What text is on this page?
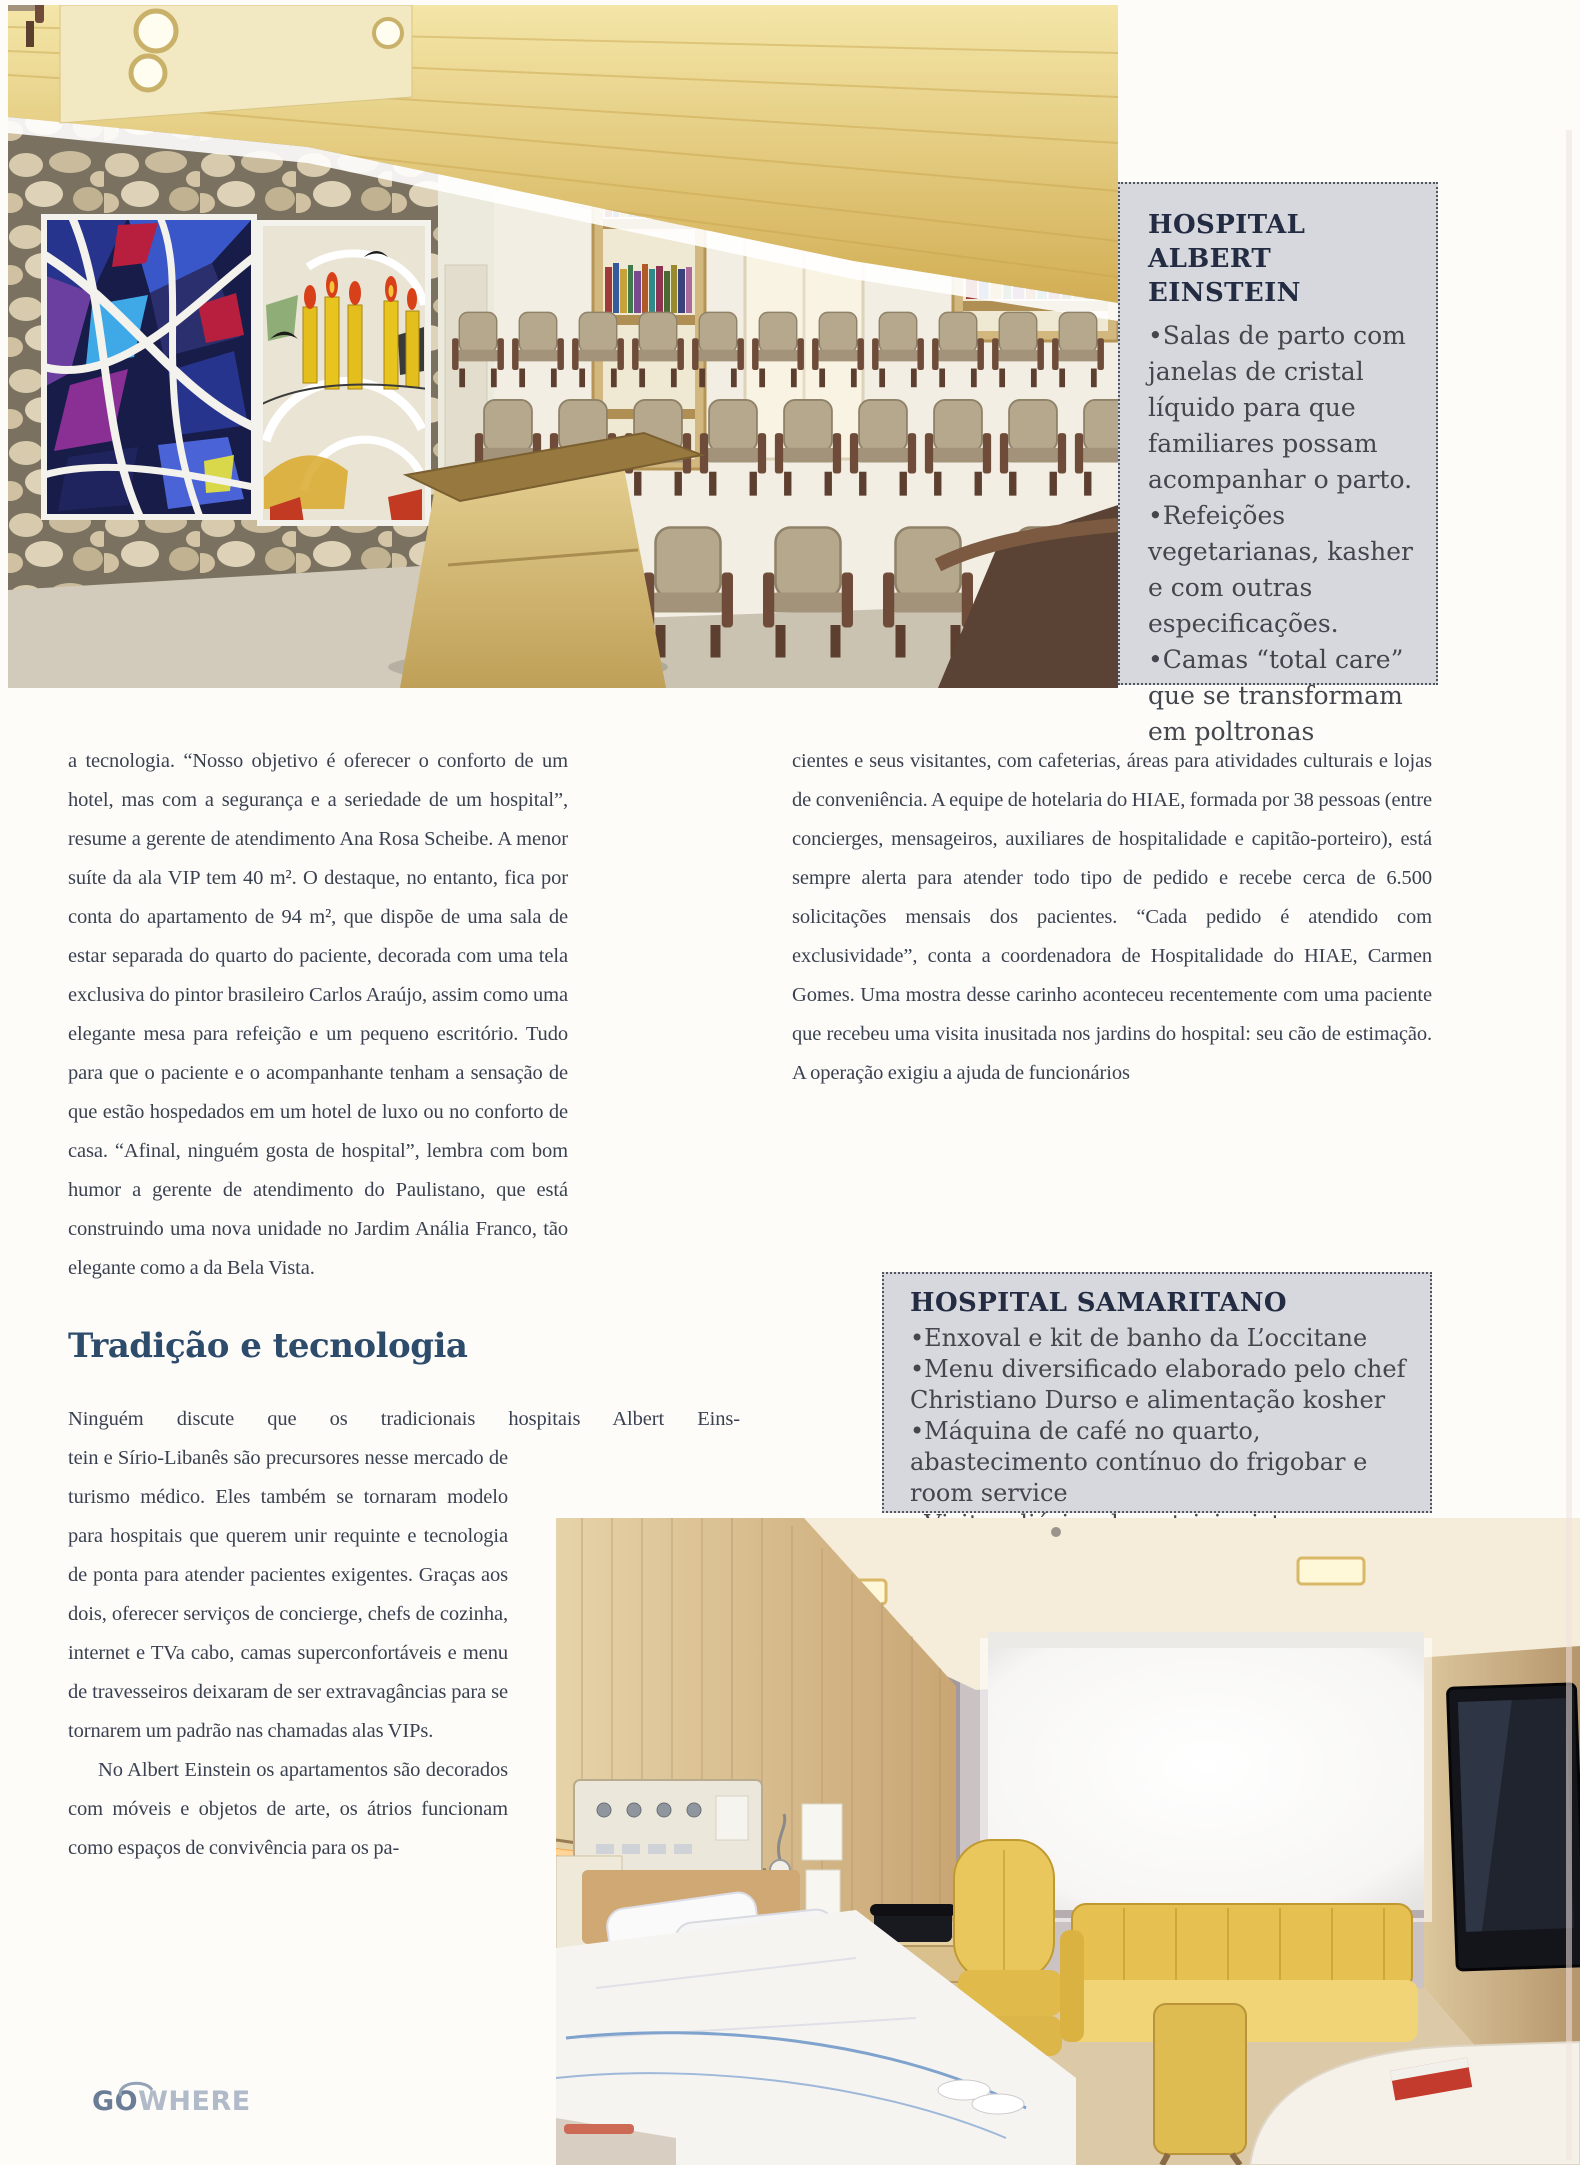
HOSPITAL ALBERT EINSTEIN
• Salas de parto com janelas de cristal líquido para que familiares possam acompanhar o parto.
• Refeições vegetarianas, kasher e com outras especificações.
• Camas “total care” que se transformam em poltronas

a tecnologia. “Nosso objetivo é oferecer o conforto de um hotel, mas com a segurança e a seriedade de um hospital”, resume a gerente de atendimento Ana Rosa Scheibe. A menor suíte da ala VIP tem 40 m². O destaque, no entanto, fica por conta do apartamento de 94 m², que dispõe de uma sala de estar separada do quarto do paciente, decorada com uma tela exclusiva do pintor brasileiro Carlos Araújo, assim como uma elegante mesa para refeição e um pequeno escritório. Tudo para que o paciente e o acompanhante tenham a sensação de que estão hospedados em um hotel de luxo ou no conforto de casa. “Afinal, ninguém gosta de hospital”, lembra com bom humor a gerente de atendimento do Paulistano, que está construindo uma nova unidade no Jardim Anália Franco, tão elegante como a da Bela Vista.

Tradição e tecnologia

Ninguém discute que os tradicionais hospitais Albert Eins-

tein e Sírio-Libanês são precursores nesse mercado de turismo médico. Eles também se tornaram modelo para hospitais que querem unir requinte e tecnologia de ponta para atender pacientes exigentes. Graças aos dois, oferecer serviços de concierge, chefs de cozinha, internet e TVa cabo, camas superconfortáveis e menu de travesseiros deixaram de ser extravagâncias para se tornarem um padrão nas chamadas alas VIPs.

No Albert Einstein os apartamentos são decorados com móveis e objetos de arte, os átrios funcionam como espaços de convivência para os pa-

cientes e seus visitantes, com cafeterias, áreas para atividades culturais e lojas de conveniência. A equipe de hotelaria do HIAE, formada por 38 pessoas (entre concierges, mensageiros, auxiliares de hospitalidade e capitão-porteiro), está sempre alerta para atender todo tipo de pedido e recebe cerca de 6.500 solicitações mensais dos pacientes. “Cada pedido é atendido com exclusividade”, conta a coordenadora de Hospitalidade do HIAE, Carmen Gomes. Uma mostra desse carinho aconteceu recentemente com uma paciente que recebeu uma visita inusitada nos jardins do hospital: seu cão de estimação. A operação exigiu a ajuda de funcionários

HOSPITAL SAMARITANO
• Enxoval e kit de banho da L’occitane
• Menu diversificado elaborado pelo chef Christiano Durso e alimentação kosher
• Máquina de café no quarto, abastecimento contínuo do frigobar e room service
•
GOWHERE
